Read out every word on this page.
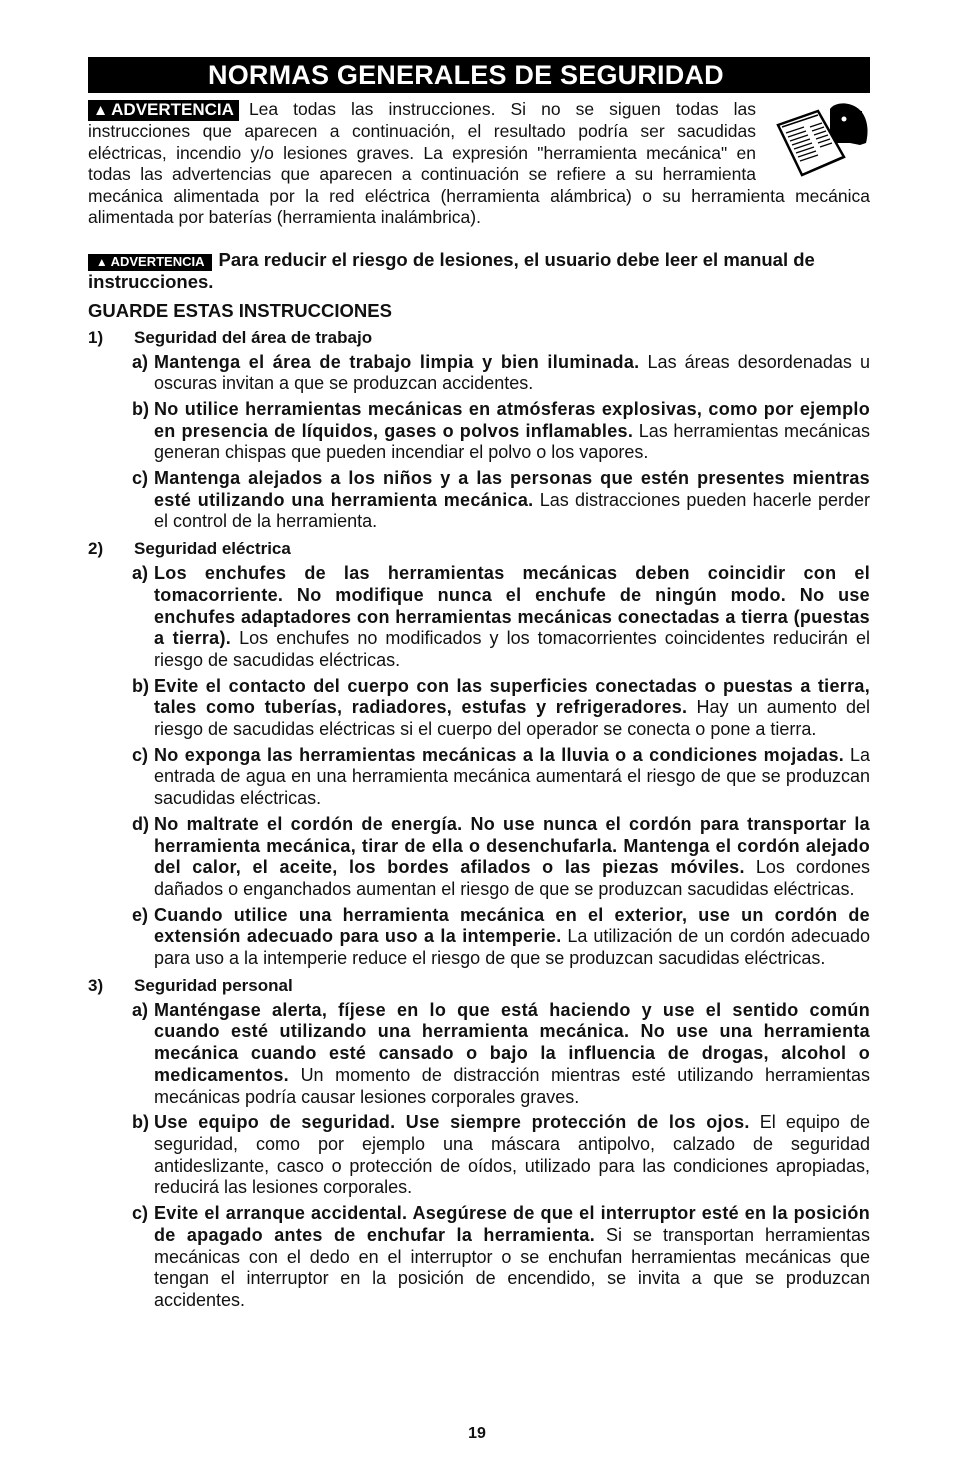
NORMAS GENERALES DE SEGURIDAD
▲ ADVERTENCIA Lea todas las instrucciones. Si no se siguen todas las instrucciones que aparecen a continuación, el resultado podría ser sacudidas eléctricas, incendio y/o lesiones graves. La expresión "herramienta mecánica" en todas las advertencias que aparecen a continuación se refiere a su herramienta mecánica alimentada por la red eléctrica (herramienta alámbrica) o su herramienta mecánica alimentada por baterías (herramienta inalámbrica).
▲ ADVERTENCIA Para reducir el riesgo de lesiones, el usuario debe leer el manual de instrucciones.
GUARDE ESTAS INSTRUCCIONES
1) Seguridad del área de trabajo
a) Mantenga el área de trabajo limpia y bien iluminada. Las áreas desordenadas u oscuras invitan a que se produzcan accidentes.
b) No utilice herramientas mecánicas en atmósferas explosivas, como por ejemplo en presencia de líquidos, gases o polvos inflamables. Las herramientas mecánicas generan chispas que pueden incendiar el polvo o los vapores.
c) Mantenga alejados a los niños y a las personas que estén presentes mientras esté utilizando una herramienta mecánica. Las distracciones pueden hacerle perder el control de la herramienta.
2) Seguridad eléctrica
a) Los enchufes de las herramientas mecánicas deben coincidir con el tomacorriente. No modifique nunca el enchufe de ningún modo. No use enchufes adaptadores con herramientas mecánicas conectadas a tierra (puestas a tierra). Los enchufes no modificados y los tomacorrientes coincidentes reducirán el riesgo de sacudidas eléctricas.
b) Evite el contacto del cuerpo con las superficies conectadas o puestas a tierra, tales como tuberías, radiadores, estufas y refrigeradores. Hay un aumento del riesgo de sacudidas eléctricas si el cuerpo del operador se conecta o pone a tierra.
c) No exponga las herramientas mecánicas a la lluvia o a condiciones mojadas. La entrada de agua en una herramienta mecánica aumentará el riesgo de que se produzcan sacudidas eléctricas.
d) No maltrate el cordón de energía. No use nunca el cordón para transportar la herramienta mecánica, tirar de ella o desenchufarla. Mantenga el cordón alejado del calor, el aceite, los bordes afilados o las piezas móviles. Los cordones dañados o enganchados aumentan el riesgo de que se produzcan sacudidas eléctricas.
e) Cuando utilice una herramienta mecánica en el exterior, use un cordón de extensión adecuado para uso a la intemperie. La utilización de un cordón adecuado para uso a la intemperie reduce el riesgo de que se produzcan sacudidas eléctricas.
3) Seguridad personal
a) Manténgase alerta, fíjese en lo que está haciendo y use el sentido común cuando esté utilizando una herramienta mecánica. No use una herramienta mecánica cuando esté cansado o bajo la influencia de drogas, alcohol o medicamentos. Un momento de distracción mientras esté utilizando herramientas mecánicas podría causar lesiones corporales graves.
b) Use equipo de seguridad. Use siempre protección de los ojos. El equipo de seguridad, como por ejemplo una máscara antipolvo, calzado de seguridad antideslizante, casco o protección de oídos, utilizado para las condiciones apropiadas, reducirá las lesiones corporales.
c) Evite el arranque accidental. Asegúrese de que el interruptor esté en la posición de apagado antes de enchufar la herramienta. Si se transportan herramientas mecánicas con el dedo en el interruptor o se enchufan herramientas mecánicas que tengan el interruptor en la posición de encendido, se invita a que se produzcan accidentes.
19
